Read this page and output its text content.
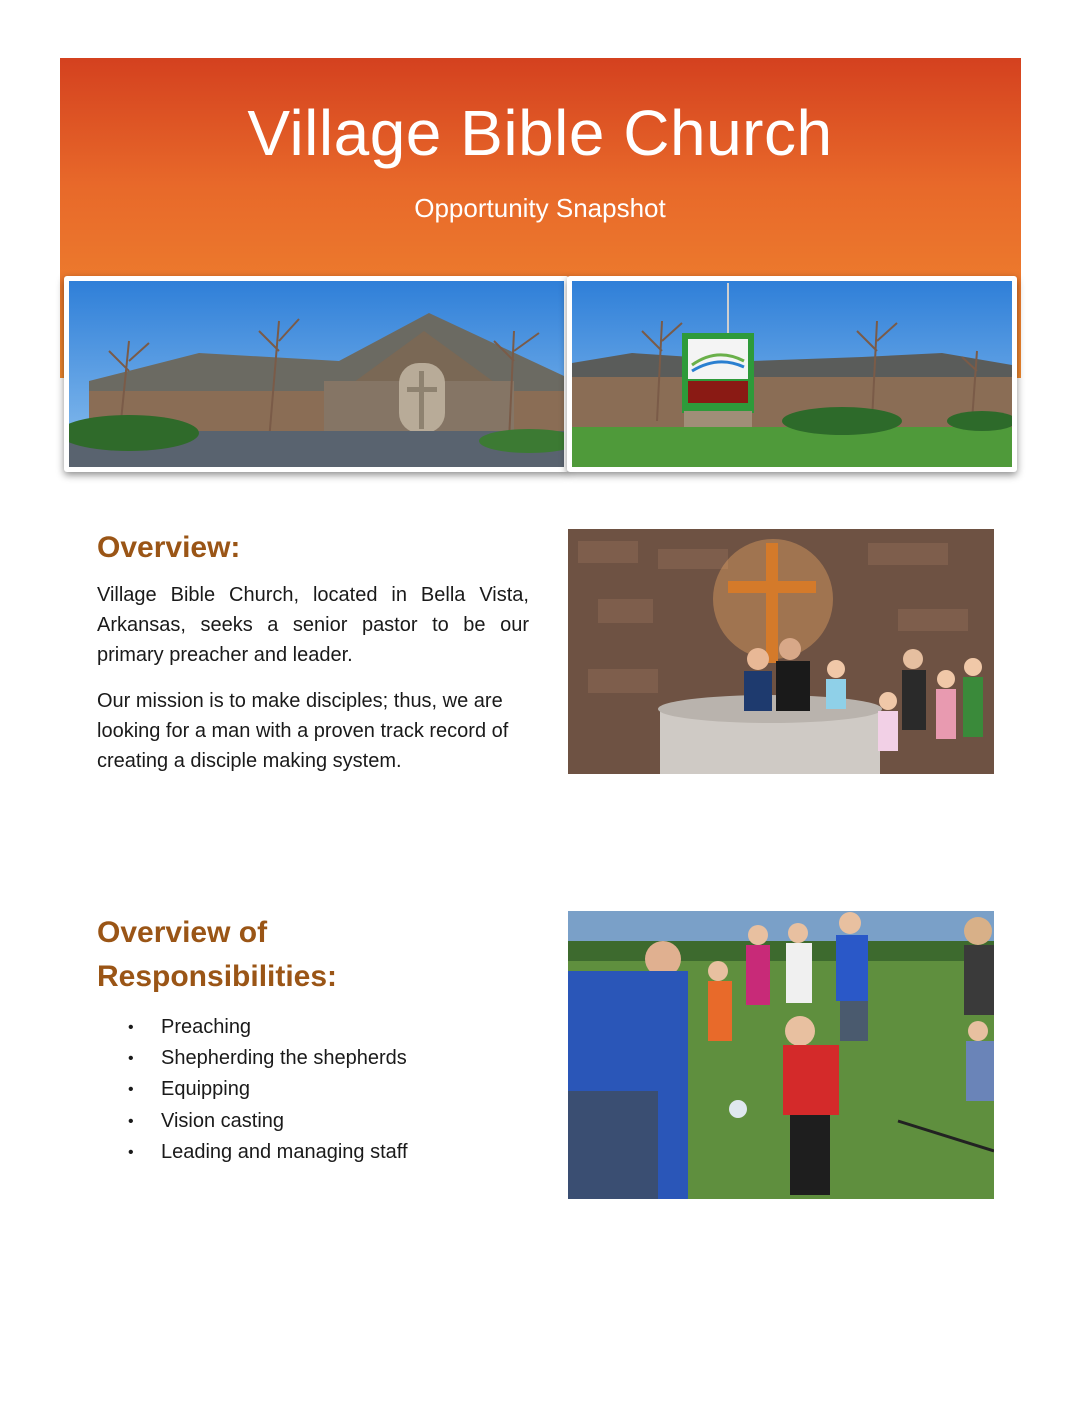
Village Bible Church
Opportunity Snapshot
Overview:
Village Bible Church, located in Bella Vista, Arkansas, seeks a senior pastor to be our primary preacher and leader.
Our mission is to make disciples; thus, we are looking for a man with a proven track record of creating a disciple making system.
Overview of Responsibilities:
• Preaching
• Shepherding the shepherds
• Equipping
• Vision casting
• Leading and managing staff
